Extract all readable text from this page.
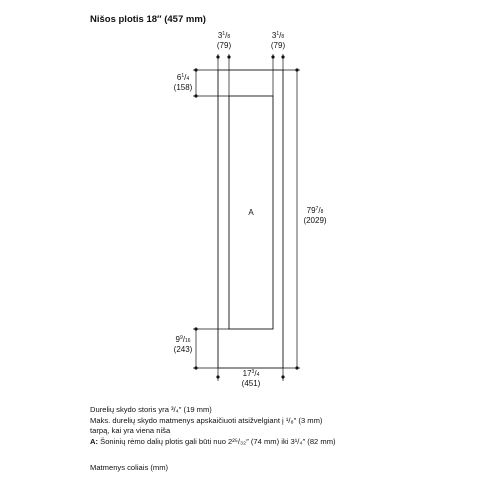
Nišos plotis 18″ (457 mm)
A
$3^1/8$
(79)
$3^1/8$
(79)
$6^1/4$
(158)
$79^7/8$
(2029)
$9^9/16$
(243)
$17^3/4$
(451)
Durelių skydo storis yra ³/₄″ (19 mm)
Maks. durelių skydo matmenys apskaičiuoti atsižvelgiant į ¹/₈″ (3 mm)
tarpą, kai yra viena niša
A: Šoninių rėmo dalių plotis gali būti nuo 2²⁵/₃₂″ (74 mm) iki 3¹/₄″ (82 mm)
Matmenys coliais (mm)
